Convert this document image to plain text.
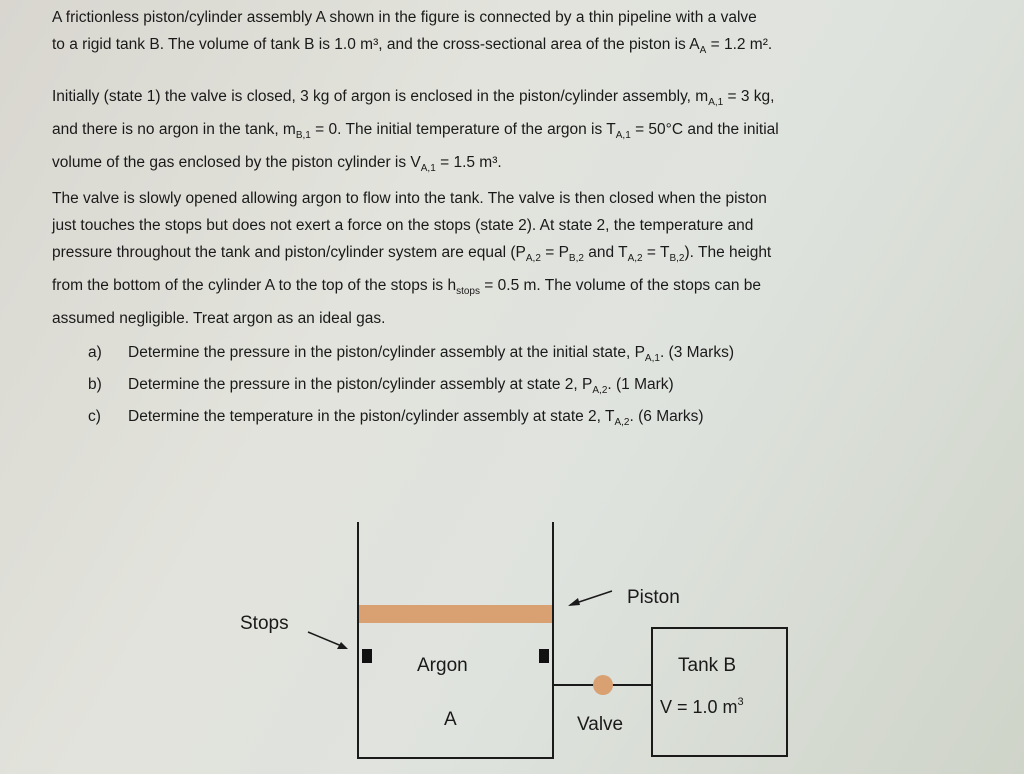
A frictionless piston/cylinder assembly A shown in the figure is connected by a thin pipeline with a valve
to a rigid tank B. The volume of tank B is 1.0 m³, and the cross-sectional area of the piston is $A_A = 1.2$ m².

Initially (state 1) the valve is closed, 3 kg of argon is enclosed in the piston/cylinder assembly, $m_{A,1} = 3$ kg,
and there is no argon in the tank, $m_{B,1} = 0$. The initial temperature of the argon is $T_{A,1} = 50^\circ C$ and the initial
volume of the gas enclosed by the piston cylinder is $V_{A,1} = 1.5$ m³.

The valve is slowly opened allowing argon to flow into the tank. The valve is then closed when the piston
just touches the stops but does not exert a force on the stops (state 2). At state 2, the temperature and
pressure throughout the tank and piston/cylinder system are equal ($P_{A,2} = P_{B,2}$ and $T_{A,2} = T_{B,2}$). The height
from the bottom of the cylinder A to the top of the stops is $h_{stops} = 0.5$ m. The volume of the stops can be
assumed negligible. Treat argon as an ideal gas.

a)	Determine the pressure in the piston/cylinder assembly at the initial state, $P_{A,1}$. (3 Marks)
b)	Determine the pressure in the piston/cylinder assembly at state 2, $P_{A,2}$. (1 Mark)
c)	Determine the temperature in the piston/cylinder assembly at state 2, $T_{A,2}$. (6 Marks)
Piston
Stops
Argon
A	Valve
Tank B
V = 1.0 $m^3$
